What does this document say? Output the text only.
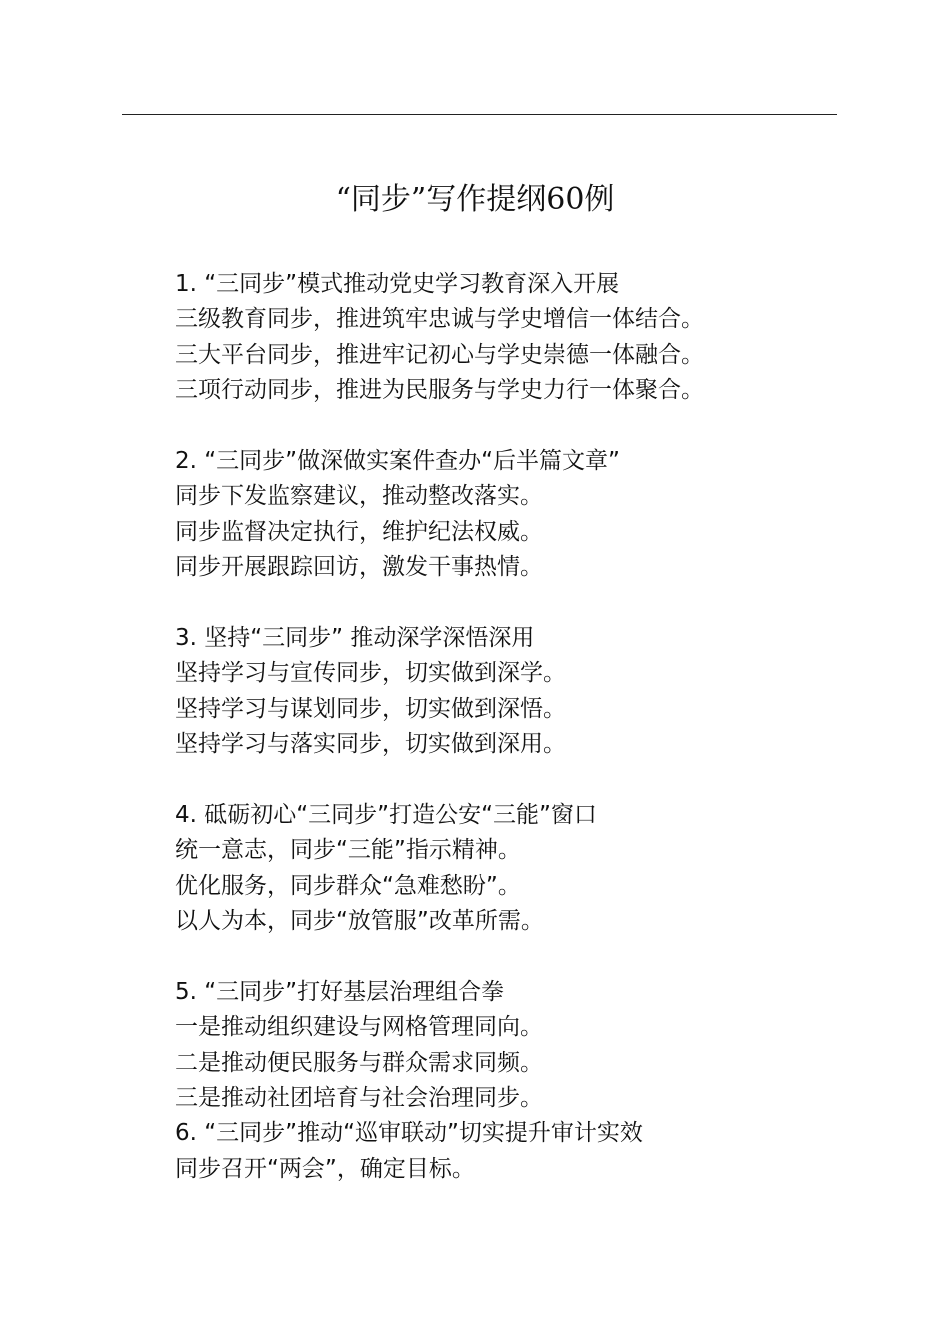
“同步”写作提纲60例
1. “三同步”模式推动党史学习教育深入开展
三级教育同步，推进筑牢忠诚与学史增信一体结合。
三大平台同步，推进牢记初心与学史崇德一体融合。
三项行动同步，推进为民服务与学史力行一体聚合。
2. “三同步”做深做实案件查办“后半篇文章”
同步下发监察建议，推动整改落实。
同步监督决定执行，维护纪法权威。
同步开展跟踪回访，激发干事热情。
3. 坚持“三同步” 推动深学深悟深用
坚持学习与宣传同步，切实做到深学。
坚持学习与谋划同步，切实做到深悟。
坚持学习与落实同步，切实做到深用。
4. 砥砺初心“三同步”打造公安“三能”窗口
统一意志，同步“三能”指示精神。
优化服务，同步群众“急难愁盼”。
以人为本，同步“放管服”改革所需。
5. “三同步”打好基层治理组合拳
一是推动组织建设与网格管理同向。
二是推动便民服务与群众需求同频。
三是推动社团培育与社会治理同步。
6. “三同步”推动“巡审联动”切实提升审计实效
同步召开“两会”，确定目标。
